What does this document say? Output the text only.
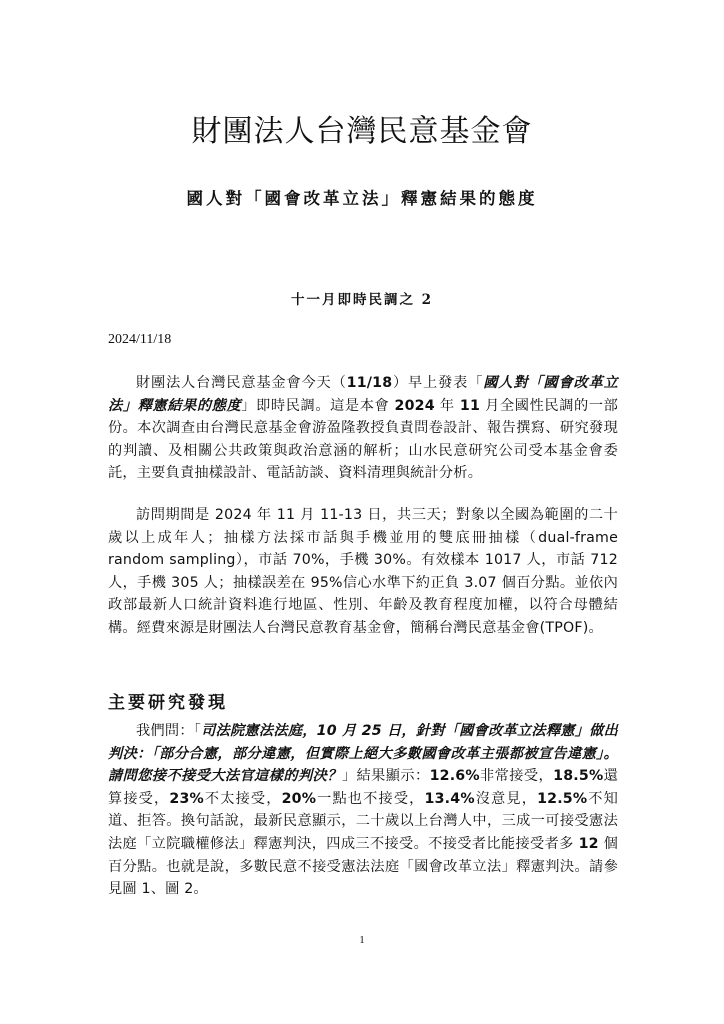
財團法人台灣民意基金會
國人對「國會改革立法」釋憲結果的態度
十一月即時民調之 2
2024/11/18
財團法人台灣民意基金會今天（11/18）早上發表「國人對「國會改革立法」釋憲結果的態度」即時民調。這是本會 2024 年 11 月全國性民調的一部份。本次調查由台灣民意基金會游盈隆教授負責問卷設計、報告撰寫、研究發現的判讀、及相關公共政策與政治意涵的解析；山水民意研究公司受本基金會委託，主要負責抽樣設計、電話訪談、資料清理與統計分析。
訪問期間是 2024 年 11 月 11-13 日，共三天；對象以全國為範圍的二十歲以上成年人；抽樣方法採市話與手機並用的雙底冊抽樣（dual-frame random sampling），市話 70%，手機 30%。有效樣本 1017 人，市話 712 人，手機 305 人；抽樣誤差在 95%信心水準下約正負 3.07 個百分點。並依內政部最新人口統計資料進行地區、性別、年齡及教育程度加權，以符合母體結構。經費來源是財團法人台灣民意教育基金會，簡稱台灣民意基金會(TPOF)。
主要研究發現
我們問：「司法院憲法法庭，10 月 25 日，針對「國會改革立法釋憲」做出判決：「部分合憲，部分違憲，但實際上絕大多數國會改革主張都被宣告違憲」。請問您接不接受大法官這樣的判決？」結果顯示：12.6%非常接受，18.5%還算接受，23%不太接受，20%一點也不接受，13.4%沒意見，12.5%不知道、拒答。換句話說，最新民意顯示，二十歲以上台灣人中，三成一可接受憲法法庭「立院職權修法」釋憲判決，四成三不接受。不接受者比能接受者多 12 個百分點。也就是說，多數民意不接受憲法法庭「國會改革立法」釋憲判決。請參見圖 1、圖 2。
1
